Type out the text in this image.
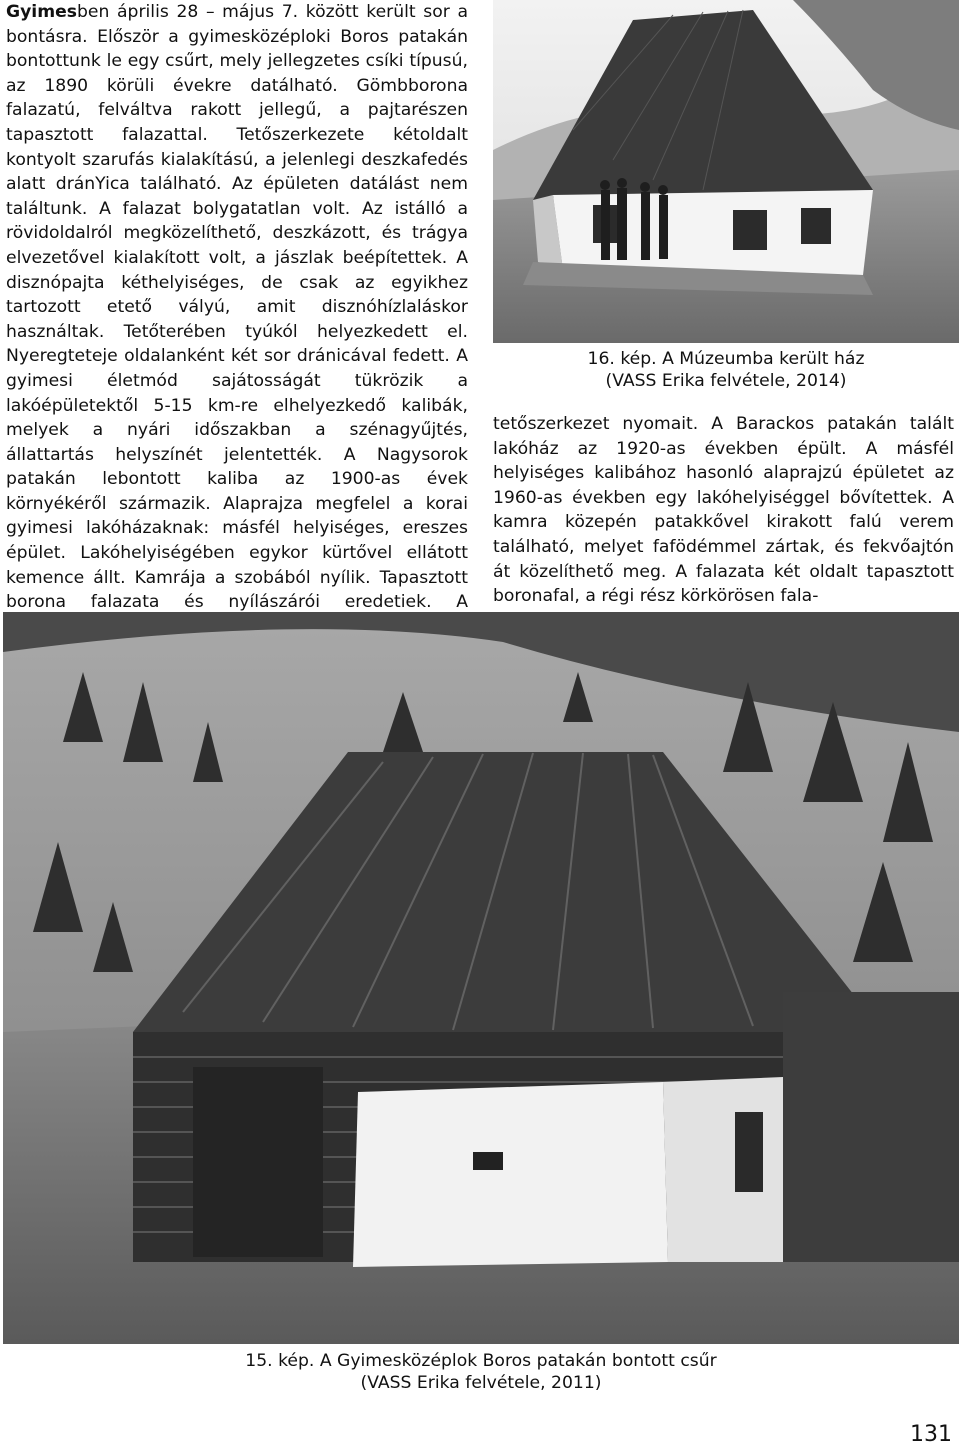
Gyimesben április 28 – május 7. között került sor a bontásra. Először a gyimesközéploki Boros patakán bontottunk le egy csűrt, mely jellegzetes csíki típusú, az 1890 körüli évekre datálható. Gömbborona falazatú, felváltva rakott jellegű, a pajtarészen tapasztott falazattal. Tetőszerkezete kétoldalt kontyolt szarufás kialakítású, a jelenlegi deszkafedés alatt dránYica található. Az épületen datálást nem találtunk. A falazat bolygatatlan volt. Az istálló a rövidoldalról megközelíthető, deszkázott, és trágya elvezetővel kialakított volt, a jászlak beépítettek. A disznópajta kéthelyiséges, de csak az egyikhez tartozott etető vályú, amit disznóhízlaláskor használtak. Tetőterében tyúkól helyezkedett el. Nyeregteteje oldalanként két sor dránicával fedett. A gyimesi életmód sajátosságát tükrözik a lakóépületektől 5-15 km-re elhelyezkedő kalibák, melyek a nyári időszakban a szénagyűjtés, állattartás helyszínét jelentették. A Nagysorok patakán lebontott kaliba az 1900-as évek környékéről származik. Alaprajza megfelel a korai gyimesi lakóházaknak: másfél helyiséges, ereszes épület. Lakóhelyiségében egykor kürtővel ellátott kemence állt. Kamrája a szobából nyílik. Tapasztott borona falazata és nyílászárói eredetiek. A
16. kép. A Múzeumba került ház
(VASS Erika felvétele, 2014)
tetőszerkezet nyomait. A Barackos patakán talált lakóház az 1920-as években épült. A másfél helyiséges kalibához hasonló alaprajzú épületet az 1960-as években egy lakóhelyiséggel bővítettek. A kamra közepén patakkővel kirakott falú verem található, melyet fafödémmel zártak, és fekvőajtón át közelíthető meg. A falazata két oldalt tapasztott boronafal, a régi rész körkörösen fala-
15. kép. A Gyimesközéplok Boros patakán bontott csűr
(VASS Erika felvétele, 2011)
131
